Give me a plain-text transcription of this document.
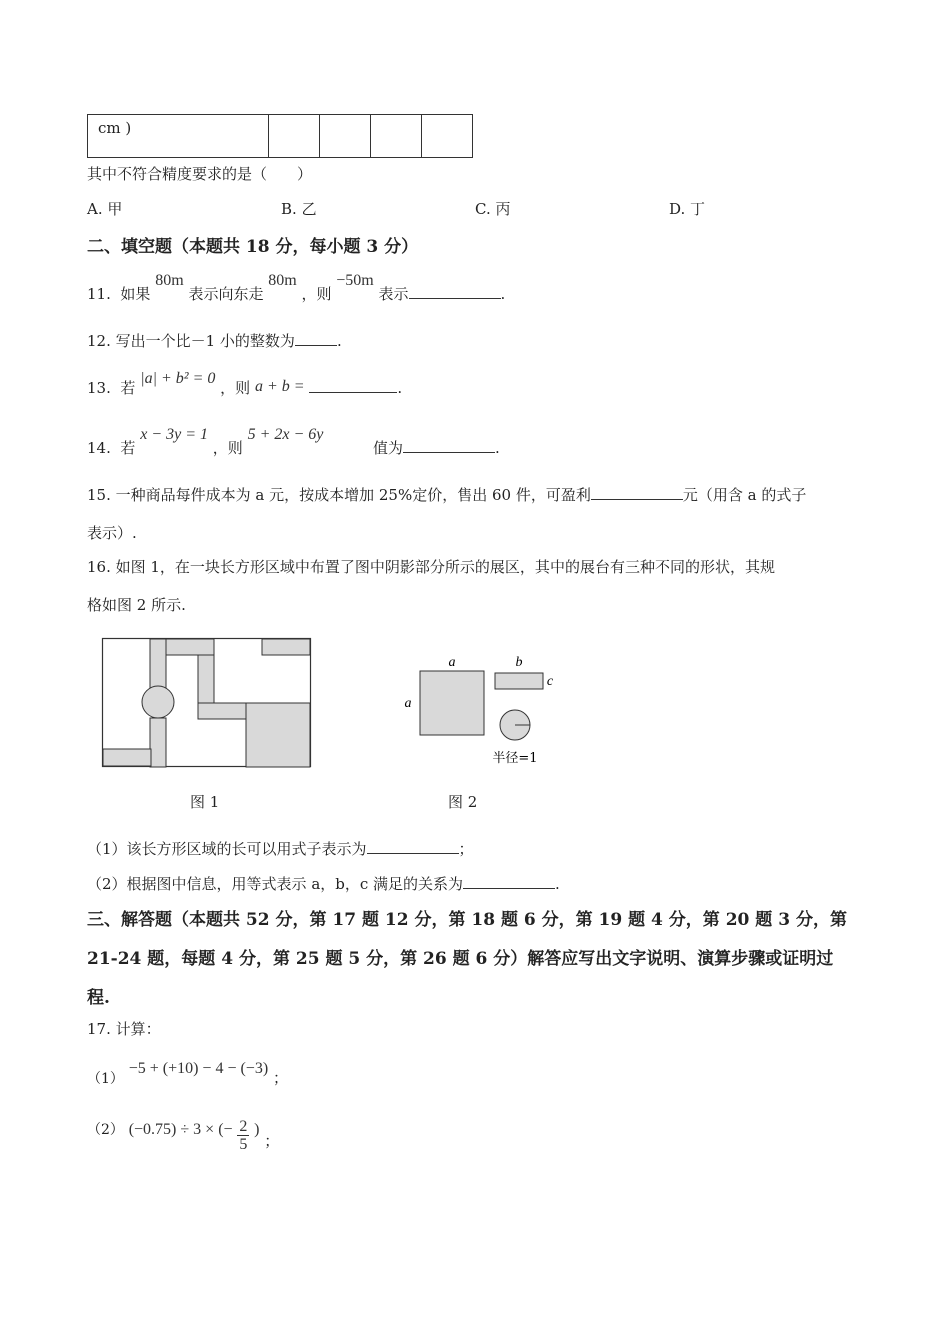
cm )

其中不符合精度要求的是（　　）
A. 甲	B. 乙	C. 丙	D. 丁
二、填空题（本题共 18 分，每小题 3 分）
11. 如果 80m 表示向东走 80m ，则 −50m 表示	.
12. 写出一个比－1 小的整数为	.
13. 若 |a| + b² = 0 ，则 a + b =	.
14. 若 x − 3y = 1 ，则 5 + 2x − 6y  值为	.
15. 一种商品每件成本为 a 元，按成本增加 25%定价，售出 60 件，可盈利	元（用含 a 的式子
表示）.
16. 如图 1，在一块长方形区域中布置了图中阴影部分所示的展区，其中的展台有三种不同的形状，其规
格如图 2 所示.
图 1
a
a
b
c
半径=1
图 2
（1）该长方形区域的长可以用式子表示为	；
（2）根据图中信息，用等式表示 a，b，c 满足的关系为	.
三、解答题（本题共 52 分，第 17 题 12 分，第 18 题 6 分，第 19 题 4 分，第 20 题 3 分，第
21-24 题，每题 4 分，第 25 题 5 分，第 26 题 6 分）解答应写出文字说明、演算步骤或证明过
程.
17. 计算：
（1） −5 + (+10) − 4 − (−3) ；
（2） (−0.75) ÷ 3 × (− $\frac{2}{5}$ ) ；
